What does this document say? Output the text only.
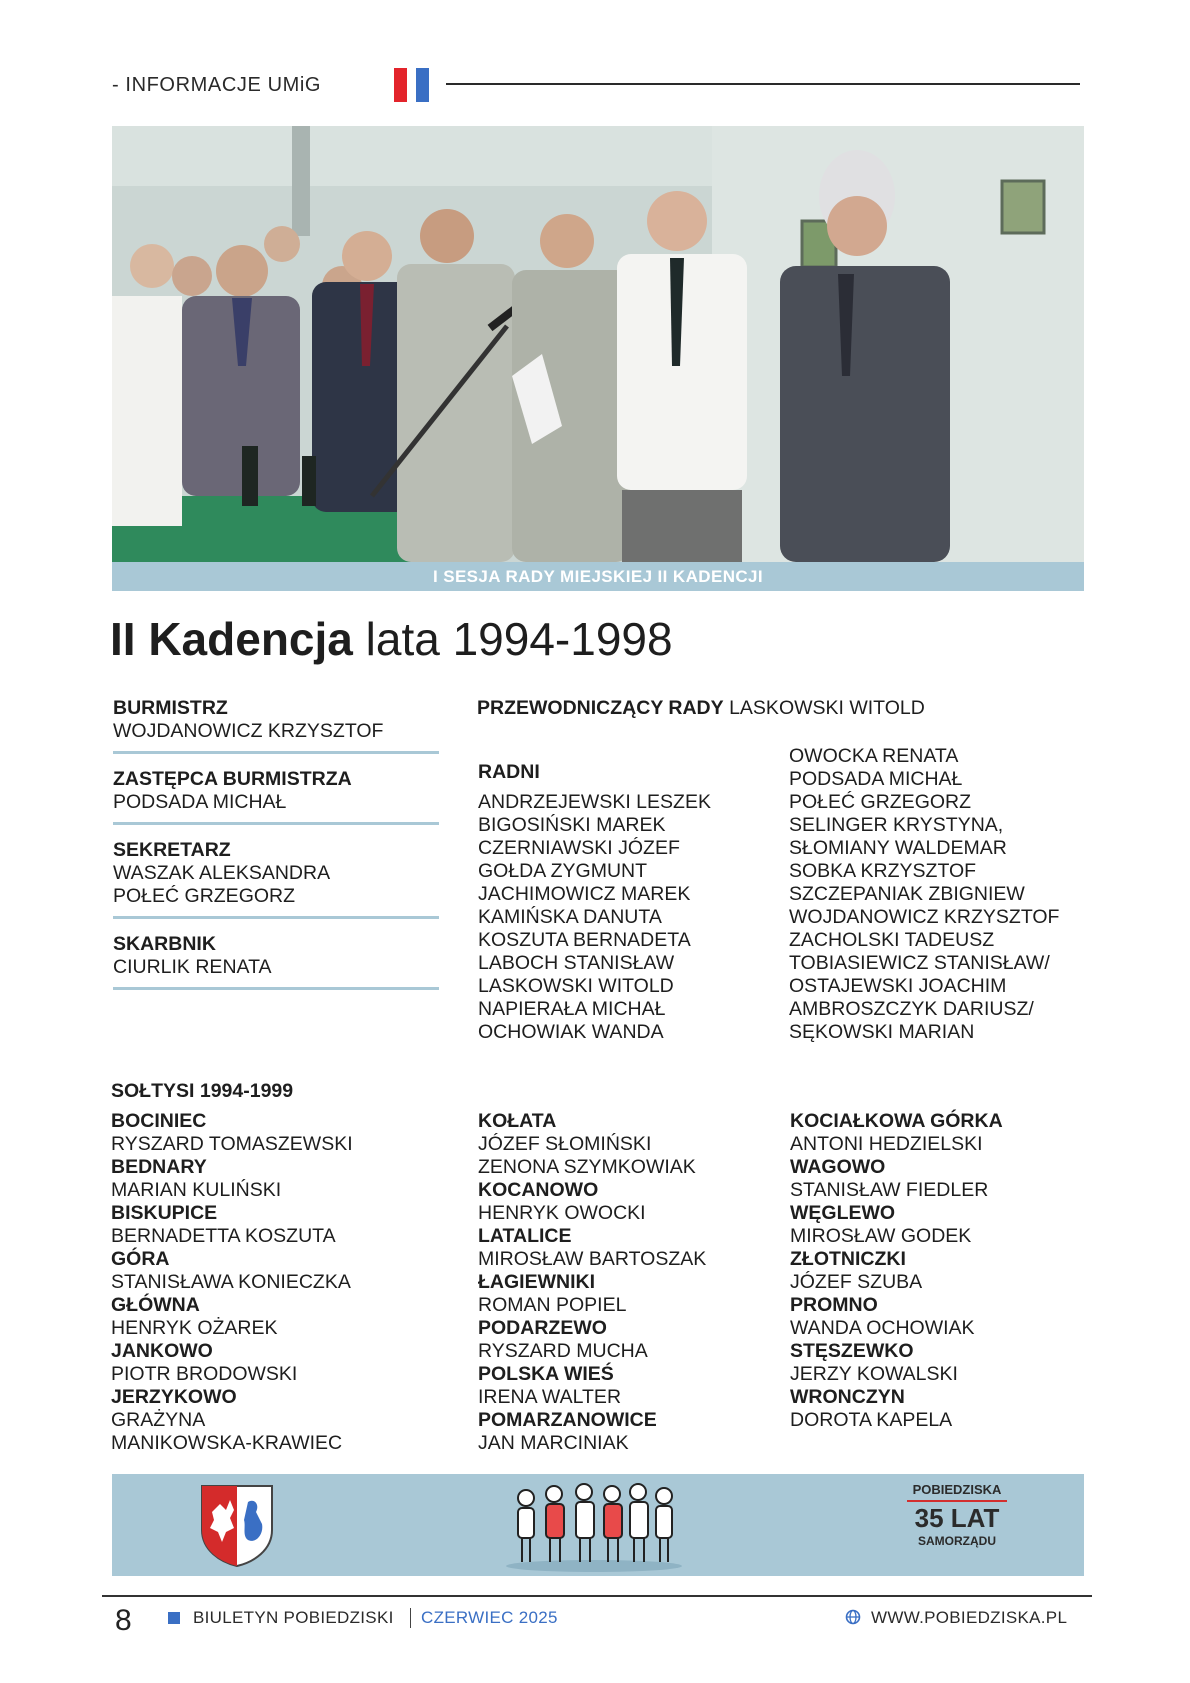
- INFORMACJE UMiG
I SESJA RADY MIEJSKIEJ II KADENCJI
II Kadencja lata 1994-1998
BURMISTRZ
WOJDANOWICZ KRZYSZTOF
ZASTĘPCA BURMISTRZA
PODSADA MICHAŁ
SEKRETARZ
WASZAK ALEKSANDRA
POŁEĆ GRZEGORZ
SKARBNIK
CIURLIK RENATA
PRZEWODNICZĄCY RADY LASKOWSKI WITOLD
RADNI
ANDRZEJEWSKI LESZEK
BIGOSIŃSKI MAREK
CZERNIAWSKI JÓZEF
GOŁDA ZYGMUNT
JACHIMOWICZ MAREK
KAMIŃSKA DANUTA
KOSZUTA BERNADETA
LABOCH STANISŁAW
LASKOWSKI WITOLD
NAPIERAŁA MICHAŁ
OCHOWIAK WANDA
OWOCKA RENATA
PODSADA MICHAŁ
POŁEĆ GRZEGORZ
SELINGER KRYSTYNA,
SŁOMIANY WALDEMAR
SOBKA KRZYSZTOF
SZCZEPANIAK ZBIGNIEW
WOJDANOWICZ KRZYSZTOF
ZACHOLSKI TADEUSZ
TOBIASIEWICZ STANISŁAW/
OSTAJEWSKI JOACHIM
AMBROSZCZYK DARIUSZ/
SĘKOWSKI MARIAN
SOŁTYSI 1994-1999
BOCINIEC
RYSZARD TOMASZEWSKI
BEDNARY
MARIAN KULIŃSKI
BISKUPICE
BERNADETTA KOSZUTA
GÓRA
STANISŁAWA KONIECZKA
GŁÓWNA
HENRYK OŻAREK
JANKOWO
PIOTR BRODOWSKI
JERZYKOWO
GRAŻYNA
MANIKOWSKA-KRAWIEC
KOŁATA
JÓZEF SŁOMIŃSKI
ZENONA SZYMKOWIAK
KOCANOWO
HENRYK OWOCKI
LATALICE
MIROSŁAW BARTOSZAK
ŁAGIEWNIKI
ROMAN POPIEL
PODARZEWO
RYSZARD MUCHA
POLSKA WIEŚ
IRENA WALTER
POMARZANOWICE
JAN MARCINIAK
KOCIAŁKOWA GÓRKA
ANTONI HEDZIELSKI
WAGOWO
STANISŁAW FIEDLER
WĘGLEWO
MIROSŁAW GODEK
ZŁOTNICZKI
JÓZEF SZUBA
PROMNO
WANDA OCHOWIAK
STĘSZEWKO
JERZY KOWALSKI
WRONCZYN
DOROTA KAPELA
POBIEDZISKA
35 LAT
SAMORZĄDU
8	BIULETYN POBIEDZISKI CZERWIEC 2025	WWW.POBIEDZISKA.PL
